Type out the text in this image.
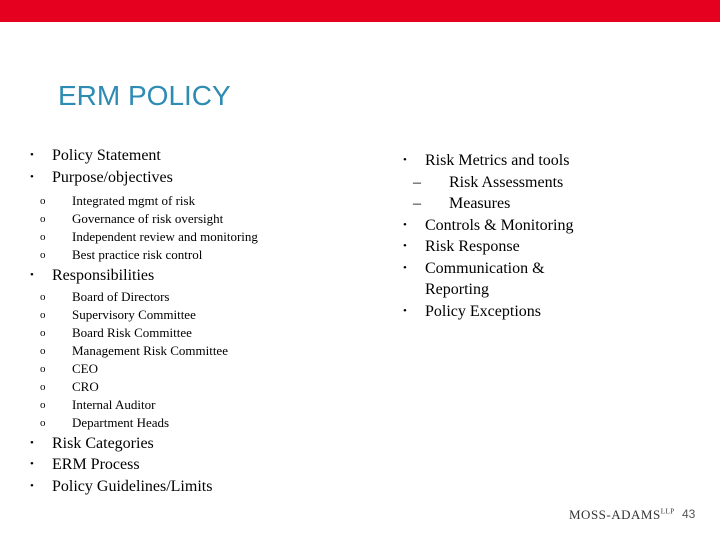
ERM POLICY
• Policy Statement
• Purpose/objectives
o Integrated mgmt of risk
o Governance of risk oversight
o Independent review and monitoring
o Best practice risk control
• Responsibilities
o Board of Directors
o Supervisory Committee
o Board Risk Committee
o Management Risk Committee
o CEO
o CRO
o Internal Auditor
o Department Heads
• Risk Categories
• ERM Process
• Policy Guidelines/Limits
• Risk Metrics and tools
– Risk Assessments
– Measures
• Controls & Monitoring
• Risk Response
• Communication & Reporting
• Policy Exceptions
MOSS-$ADAMS^{LLP}$ 43
